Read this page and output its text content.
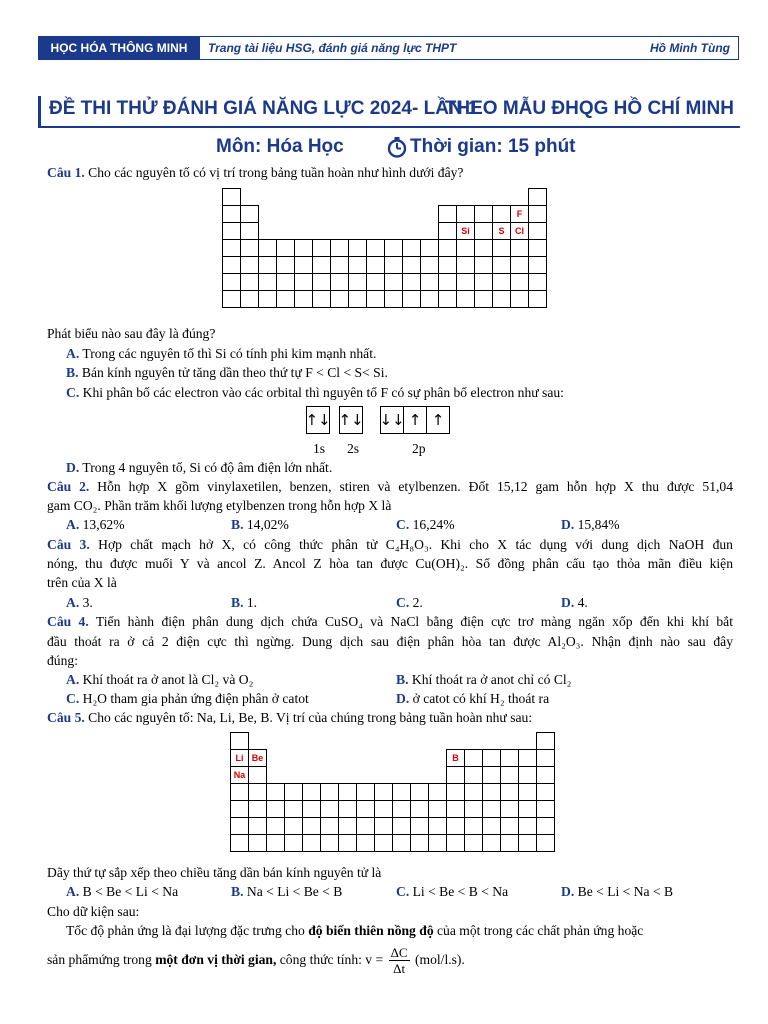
HỌC HÓA THÔNG MINH	Trang tài liệu HSG, đánh giá năng lực THPT	Hồ Minh Tùng
ĐỀ THI THỬ ĐÁNH GIÁ NĂNG LỰC 2024- LẦN 1
THEO MẪU ĐHQG HỒ CHÍ MINH
Môn: Hóa Học	Thời gian: 15 phút
Câu 1. Cho các nguyên tố có vị trí trong bảng tuần hoàn như hình dưới đây?

																F	
													Si		S	Cl	

Phát biểu nào sau đây là đúng?
A. Trong các nguyên tố thì Si có tính phi kim mạnh nhất.
B. Bán kính nguyên tử tăng dần theo thứ tự F < Cl < S< Si.
C. Khi phân bố các electron vào các orbital thì nguyên tố F có sự phân bố electron như sau:
↑↓ ↑↓ ↓↓ ↑ ↑
1s 2s	2p
D. Trong 4 nguyên tố, Si có độ âm điện lớn nhất.
Câu 2. Hỗn hợp X gồm vinylaxetilen, benzen, stiren và etylbenzen. Đốt 15,12 gam hỗn hợp X thu được 51,04
gam CO₂. Phần trăm khối lượng etylbenzen trong hỗn hợp X là
A. 13,62%	B. 14,02%	C. 16,24%	D. 15,84%
Câu 3. Hợp chất mạch hở X, có công thức phân tử C₄H₈O₃. Khi cho X tác dụng với dung dịch NaOH đun
nóng, thu được muối Y và ancol Z. Ancol Z hòa tan được Cu(OH)₂. Số đồng phân cấu tạo thỏa mãn điều kiện
trên của X là
A. 3.	B. 1.	C. 2.	D. 4.
Câu 4. Tiến hành điện phân dung dịch chứa CuSO₄ và NaCl bằng điện cực trơ màng ngăn xốp đến khi khí bắt
đầu thoát ra ở cả 2 điện cực thì ngừng. Dung dịch sau điện phân hòa tan được Al₂O₃. Nhận định nào sau đây
đúng:
A. Khí thoát ra ở anot là Cl₂ và O₂	B. Khí thoát ra ở anot chỉ có Cl₂
C. H₂O tham gia phản ứng điện phân ở catot	D. ở catot có khí H₂ thoát ra
Câu 5. Cho các nguyên tố: Na, Li, Be, B. Vị trí của chúng trong bảng tuần hoàn như sau:

Li	Be											B					
Na																	

Dãy thứ tự sắp xếp theo chiều tăng dần bán kính nguyên tử là
A. B < Be < Li < Na	B. Na < Li < Be < B	C. Li < Be < B < Na	D. Be < Li < Na < B
Cho dữ kiện sau:
Tốc độ phản ứng là đại lượng đặc trưng cho độ biến thiên nồng độ của một trong các chất phản ứng hoặc
sản phẩmứng trong một đơn vị thời gian, công thức tính: $v = \frac{\Delta C}{\Delta t} (mol/l.s)$.
